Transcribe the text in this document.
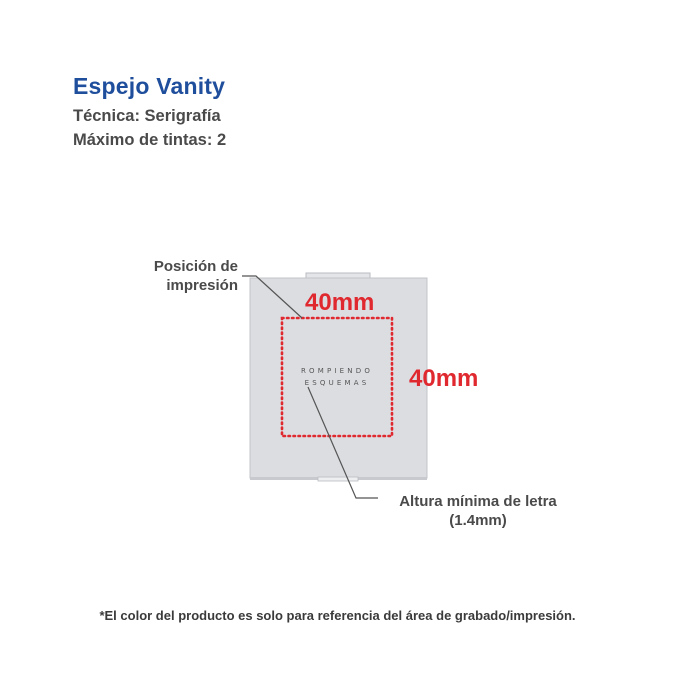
Espejo Vanity
Técnica: Serigrafía
Máximo de tintas: 2
Posición de
impresión
40mm
40mm
ROMPIENDO
ESQUEMAS
Altura mínima de letra
(1.4mm)
*El color del producto es solo para referencia del área de grabado/impresión.
